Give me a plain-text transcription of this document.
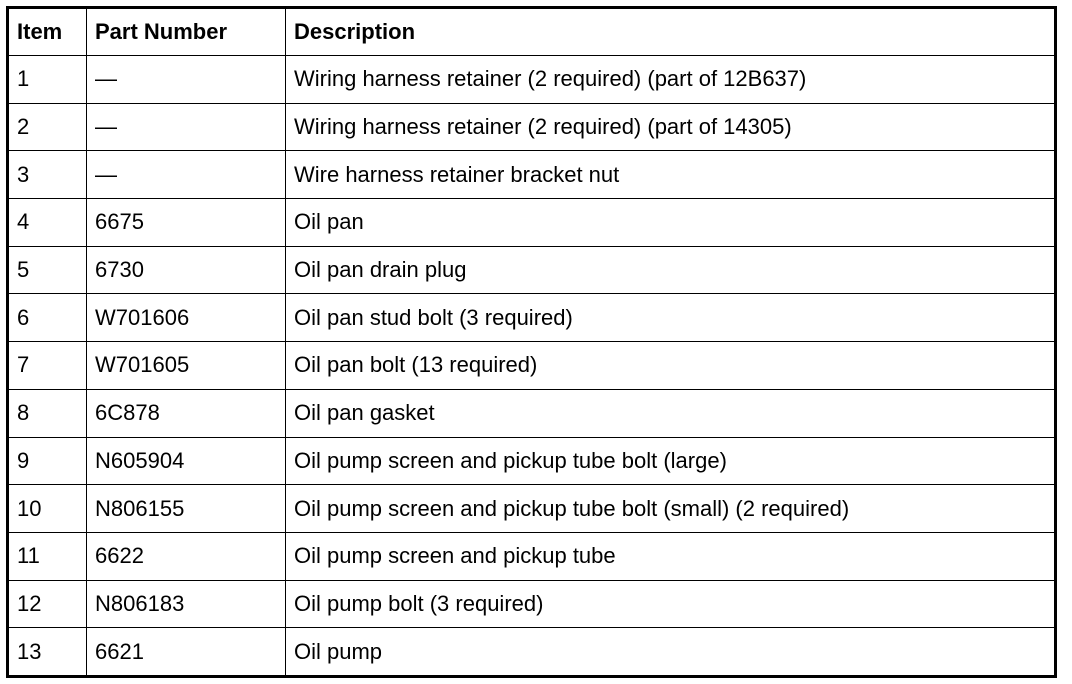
Item	Part Number	Description
1	—	Wiring harness retainer (2 required) (part of 12B637)
2	—	Wiring harness retainer (2 required) (part of 14305)
3	—	Wire harness retainer bracket nut
4	6675	Oil pan
5	6730	Oil pan drain plug
6	W701606	Oil pan stud bolt (3 required)
7	W701605	Oil pan bolt (13 required)
8	6C878	Oil pan gasket
9	N605904	Oil pump screen and pickup tube bolt (large)
10	N806155	Oil pump screen and pickup tube bolt (small) (2 required)
11	6622	Oil pump screen and pickup tube
12	N806183	Oil pump bolt (3 required)
13	6621	Oil pump
